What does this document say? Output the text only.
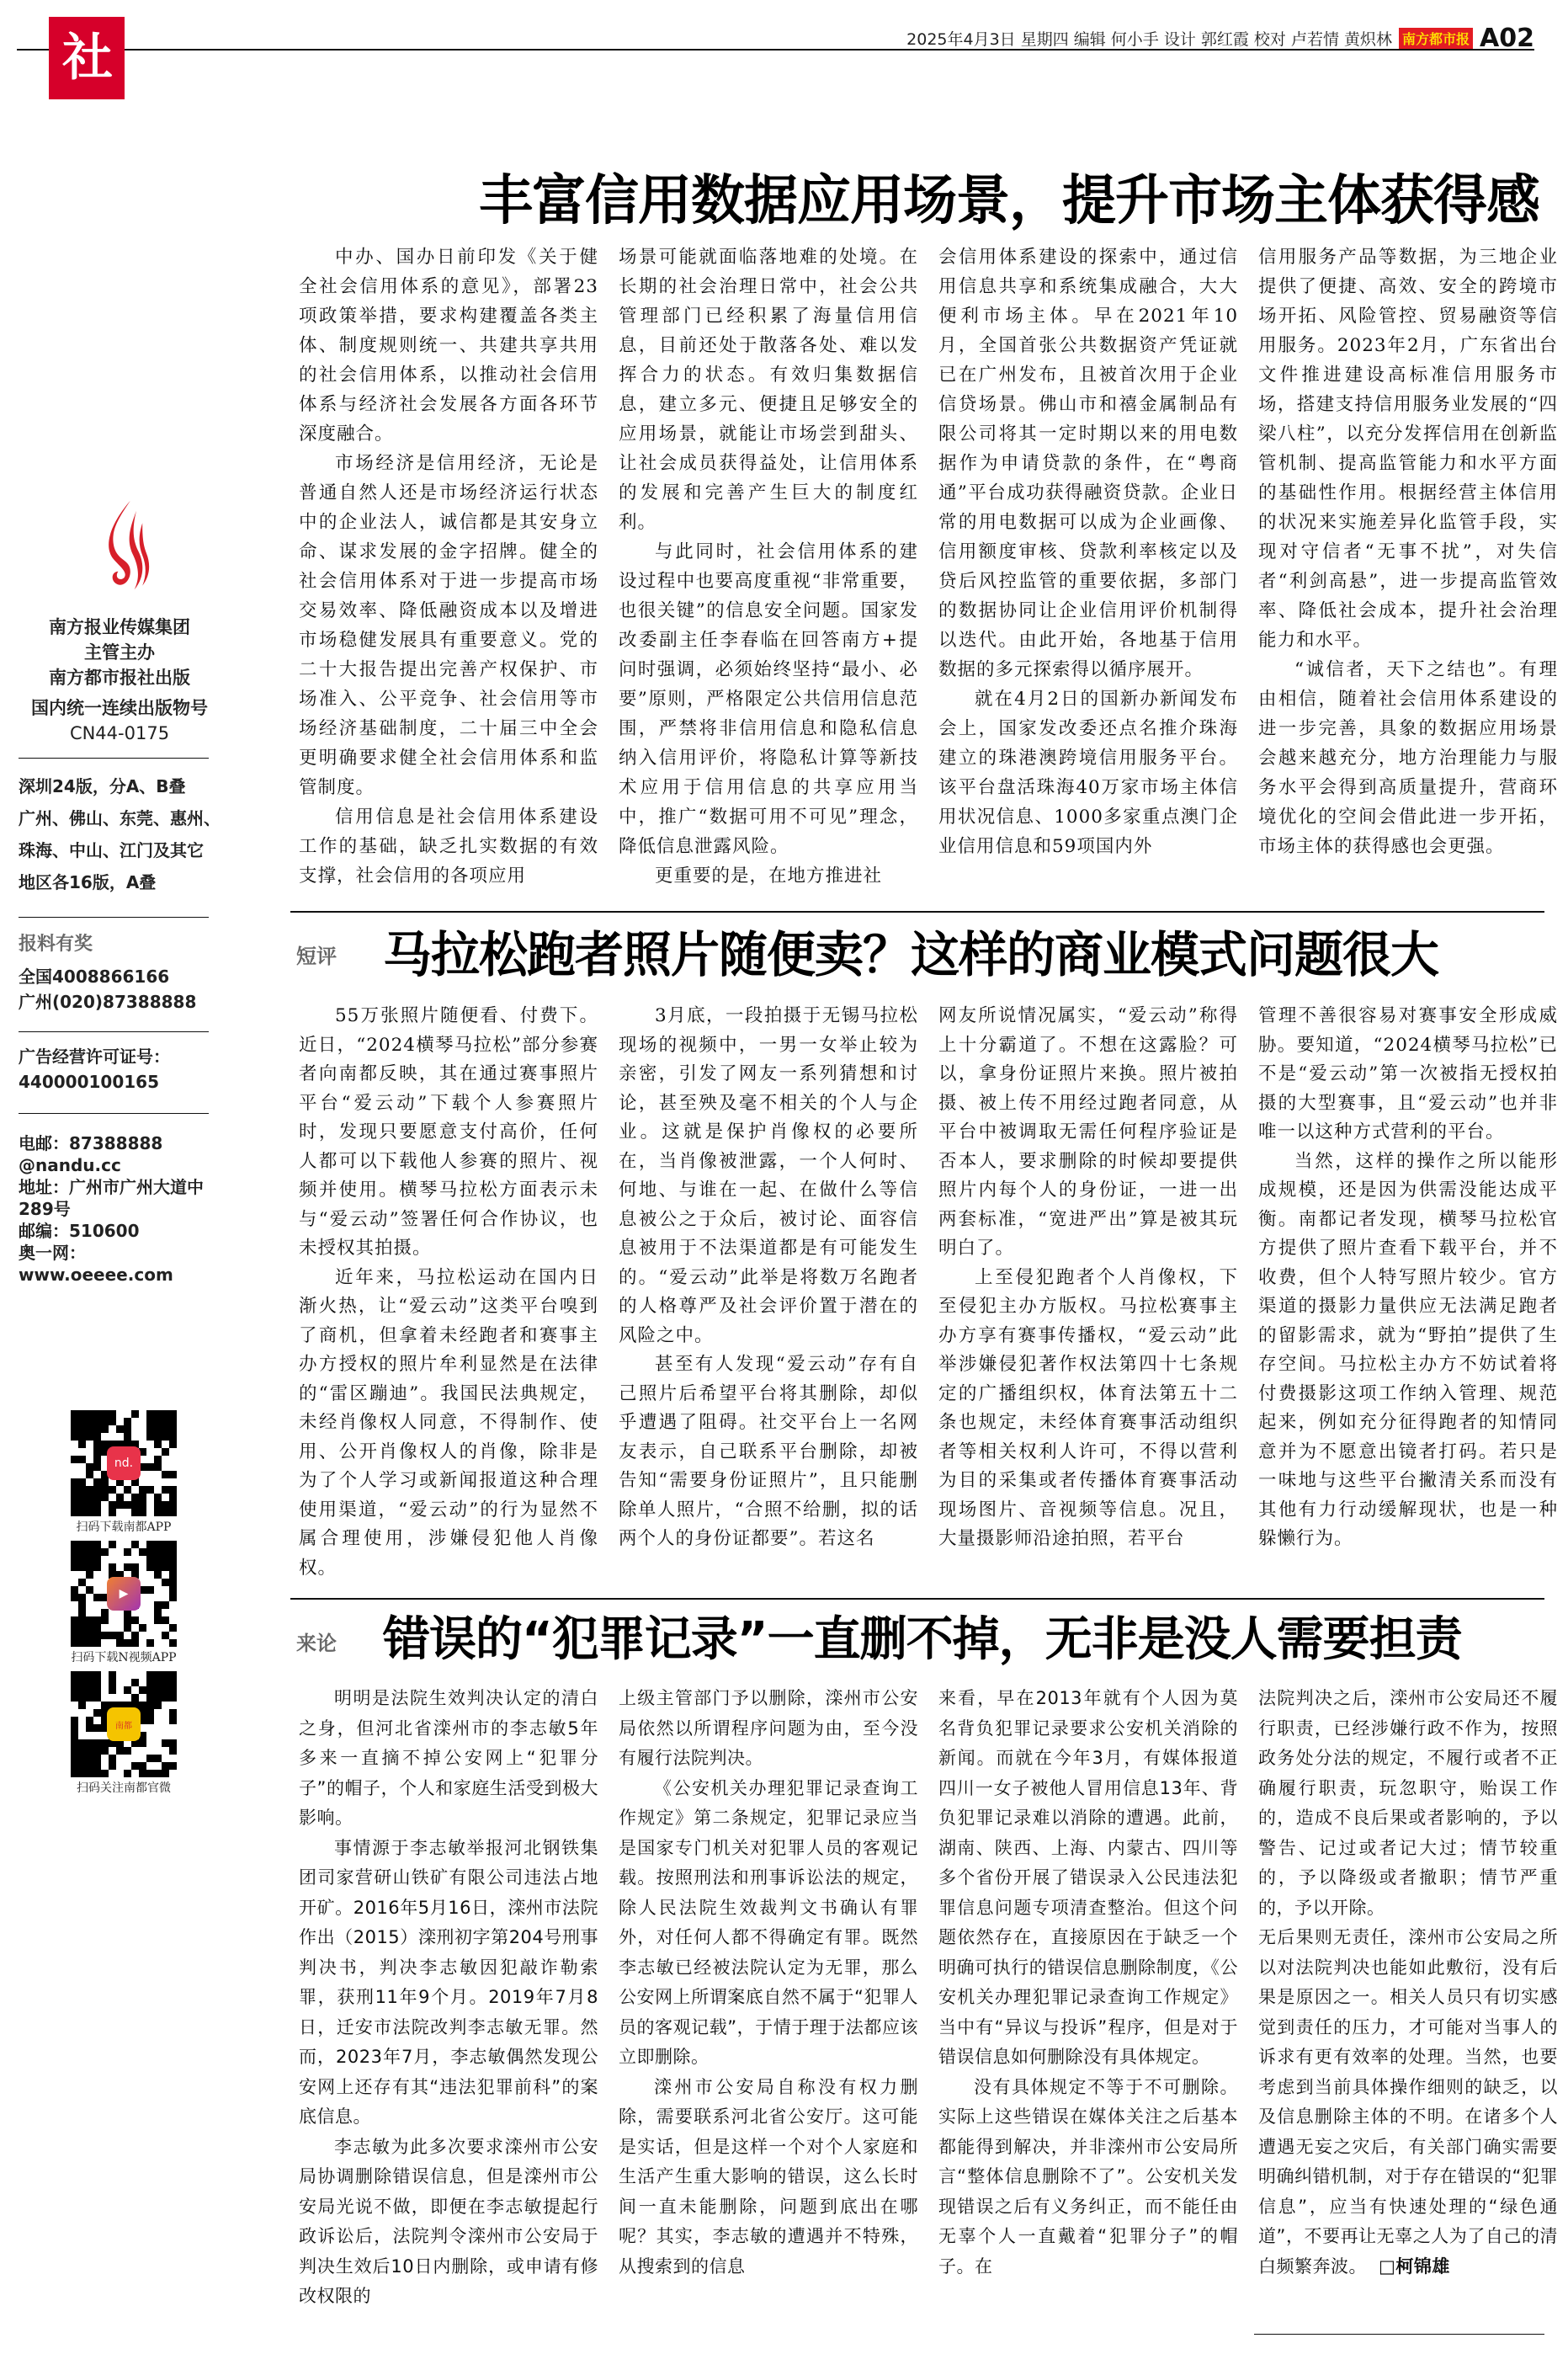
社论
2025年4月3日 星期四 编辑 何小手 设计 郭红霞 校对 卢若情 黄炽林 南方都市报 A02

南方报业传媒集团

主管主办

南方都市报社出版

国内统一连续出版物号

CN44-0175

深圳24版，分A、B叠
广州、佛山、东莞、惠州、
珠海、中山、江门及其它
地区各16版，A叠
报料有奖
全国4008866166
广州(020)87388888
广告经营许可证号：
440000100165
电邮：87388888
@nandu.cc
地址：广州市广州大道中
289号
邮编：510600
奥一网：
www.oeeee.com
nd.
扫码下载南都APP
▶
扫码下载N视频APP
南都
扫码关注南都官微
丰富信用数据应用场景，提升市场主体获得感

中办、国办日前印发《关于健全社会信用体系的意见》，部署23项政策举措，要求构建覆盖各类主体、制度规则统一、共建共享共用的社会信用体系，以推动社会信用体系与经济社会发展各方面各环节深度融合。

市场经济是信用经济，无论是普通自然人还是市场经济运行状态中的企业法人，诚信都是其安身立命、谋求发展的金字招牌。健全的社会信用体系对于进一步提高市场交易效率、降低融资成本以及增进市场稳健发展具有重要意义。党的二十大报告提出完善产权保护、市场准入、公平竞争、社会信用等市场经济基础制度，二十届三中全会更明确要求健全社会信用体系和监管制度。

信用信息是社会信用体系建设工作的基础，缺乏扎实数据的有效支撑，社会信用的各项应用

场景可能就面临落地难的处境。在长期的社会治理日常中，社会公共管理部门已经积累了海量信用信息，目前还处于散落各处、难以发挥合力的状态。有效归集数据信息，建立多元、便捷且足够安全的应用场景，就能让市场尝到甜头、让社会成员获得益处，让信用体系的发展和完善产生巨大的制度红利。

与此同时，社会信用体系的建设过程中也要高度重视“非常重要，也很关键”的信息安全问题。国家发改委副主任李春临在回答南方+提问时强调，必须始终坚持“最小、必要”原则，严格限定公共信用信息范围，严禁将非信用信息和隐私信息纳入信用评价，将隐私计算等新技术应用于信用信息的共享应用当中，推广“数据可用不可见”理念，降低信息泄露风险。

更重要的是，在地方推进社

会信用体系建设的探索中，通过信用信息共享和系统集成融合，大大便利市场主体。早在2021年10月，全国首张公共数据资产凭证就已在广州发布，且被首次用于企业信贷场景。佛山市和禧金属制品有限公司将其一定时期以来的用电数据作为申请贷款的条件，在“粤商通”平台成功获得融资贷款。企业日常的用电数据可以成为企业画像、信用额度审核、贷款利率核定以及贷后风控监管的重要依据，多部门的数据协同让企业信用评价机制得以迭代。由此开始，各地基于信用数据的多元探索得以循序展开。

就在4月2日的国新办新闻发布会上，国家发改委还点名推介珠海建立的珠港澳跨境信用服务平台。该平台盘活珠海40万家市场主体信用状况信息、1000多家重点澳门企业信用信息和59项国内外

信用服务产品等数据，为三地企业提供了便捷、高效、安全的跨境市场开拓、风险管控、贸易融资等信用服务。2023年2月，广东省出台文件推进建设高标准信用服务市场，搭建支持信用服务业发展的“四梁八柱”，以充分发挥信用在创新监管机制、提高监管能力和水平方面的基础性作用。根据经营主体信用的状况来实施差异化监管手段，实现对守信者“无事不扰”，对失信者“利剑高悬”，进一步提高监管效率、降低社会成本，提升社会治理能力和水平。

“诚信者，天下之结也”。有理由相信，随着社会信用体系建设的进一步完善，具象的数据应用场景会越来越充分，地方治理能力与服务水平会得到高质量提升，营商环境优化的空间会借此进一步开拓，市场主体的获得感也会更强。

短评 马拉松跑者照片随便卖？这样的商业模式问题很大

55万张照片随便看、付费下。近日，“2024横琴马拉松”部分参赛者向南都反映，其在通过赛事照片平台“爱云动”下载个人参赛照片时，发现只要愿意支付高价，任何人都可以下载他人参赛的照片、视频并使用。横琴马拉松方面表示未与“爱云动”签署任何合作协议，也未授权其拍摄。

近年来，马拉松运动在国内日渐火热，让“爱云动”这类平台嗅到了商机，但拿着未经跑者和赛事主办方授权的照片牟利显然是在法律的“雷区蹦迪”。我国民法典规定，未经肖像权人同意，不得制作、使用、公开肖像权人的肖像，除非是为了个人学习或新闻报道这种合理使用渠道，“爱云动”的行为显然不属合理使用，涉嫌侵犯他人肖像权。

3月底，一段拍摄于无锡马拉松现场的视频中，一男一女举止较为亲密，引发了网友一系列猜想和讨论，甚至殃及毫不相关的个人与企业。这就是保护肖像权的必要所在，当肖像被泄露，一个人何时、何地、与谁在一起、在做什么等信息被公之于众后，被讨论、面容信息被用于不法渠道都是有可能发生的。“爱云动”此举是将数万名跑者的人格尊严及社会评价置于潜在的风险之中。

甚至有人发现“爱云动”存有自己照片后希望平台将其删除，却似乎遭遇了阻碍。社交平台上一名网友表示，自己联系平台删除，却被告知“需要身份证照片”，且只能删除单人照片，“合照不给删，拟的话两个人的身份证都要”。若这名

网友所说情况属实，“爱云动”称得上十分霸道了。不想在这露脸？可以，拿身份证照片来换。照片被拍摄、被上传不用经过跑者同意，从平台中被调取无需任何程序验证是否本人，要求删除的时候却要提供照片内每个人的身份证，一进一出两套标准，“宽进严出”算是被其玩明白了。

上至侵犯跑者个人肖像权，下至侵犯主办方版权。马拉松赛事主办方享有赛事传播权，“爱云动”此举涉嫌侵犯著作权法第四十七条规定的广播组织权，体育法第五十二条也规定，未经体育赛事活动组织者等相关权利人许可，不得以营利为目的采集或者传播体育赛事活动现场图片、音视频等信息。况且，大量摄影师沿途拍照，若平台

管理不善很容易对赛事安全形成威胁。要知道，“2024横琴马拉松”已不是“爱云动”第一次被指无授权拍摄的大型赛事，且“爱云动”也并非唯一以这种方式营利的平台。

当然，这样的操作之所以能形成规模，还是因为供需没能达成平衡。南都记者发现，横琴马拉松官方提供了照片查看下载平台，并不收费，但个人特写照片较少。官方渠道的摄影力量供应无法满足跑者的留影需求，就为“野拍”提供了生存空间。马拉松主办方不妨试着将付费摄影这项工作纳入管理、规范起来，例如充分征得跑者的知情同意并为不愿意出镜者打码。若只是一味地与这些平台撇清关系而没有其他有力行动缓解现状，也是一种躲懒行为。

来论 错误的“犯罪记录”一直删不掉，无非是没人需要担责

明明是法院生效判决认定的清白之身，但河北省滦州市的李志敏5年多来一直摘不掉公安网上“犯罪分子”的帽子，个人和家庭生活受到极大影响。

事情源于李志敏举报河北钢铁集团司家营研山铁矿有限公司违法占地开矿。2016年5月16日，滦州市法院作出（2015）滦刑初字第204号刑事判决书，判决李志敏因犯敲诈勒索罪，获刑11年9个月。2019年7月8日，迁安市法院改判李志敏无罪。然而，2023年7月，李志敏偶然发现公安网上还存有其“违法犯罪前科”的案底信息。

李志敏为此多次要求滦州市公安局协调删除错误信息，但是滦州市公安局光说不做，即便在李志敏提起行政诉讼后，法院判令滦州市公安局于判决生效后10日内删除，或申请有修改权限的

上级主管部门予以删除，滦州市公安局依然以所谓程序问题为由，至今没有履行法院判决。

《公安机关办理犯罪记录查询工作规定》第二条规定，犯罪记录应当是国家专门机关对犯罪人员的客观记载。按照刑法和刑事诉讼法的规定，除人民法院生效裁判文书确认有罪外，对任何人都不得确定有罪。既然李志敏已经被法院认定为无罪，那么公安网上所谓案底自然不属于“犯罪人员的客观记载”，于情于理于法都应该立即删除。

滦州市公安局自称没有权力删除，需要联系河北省公安厅。这可能是实话，但是这样一个对个人家庭和生活产生重大影响的错误，这么长时间一直未能删除，问题到底出在哪呢？其实，李志敏的遭遇并不特殊，从搜索到的信息

来看，早在2013年就有个人因为莫名背负犯罪记录要求公安机关消除的新闻。而就在今年3月，有媒体报道四川一女子被他人冒用信息13年、背负犯罪记录难以消除的遭遇。此前，湖南、陕西、上海、内蒙古、四川等多个省份开展了错误录入公民违法犯罪信息问题专项清查整治。但这个问题依然存在，直接原因在于缺乏一个明确可执行的错误信息删除制度，《公安机关办理犯罪记录查询工作规定》当中有“异议与投诉”程序，但是对于错误信息如何删除没有具体规定。

没有具体规定不等于不可删除。实际上这些错误在媒体关注之后基本都能得到解决，并非滦州市公安局所言“整体信息删除不了”。公安机关发现错误之后有义务纠正，而不能任由无辜个人一直戴着“犯罪分子”的帽子。在

法院判决之后，滦州市公安局还不履行职责，已经涉嫌行政不作为，按照政务处分法的规定，不履行或者不正确履行职责，玩忽职守，贻误工作的，造成不良后果或者影响的，予以警告、记过或者记大过；情节较重的，予以降级或者撤职；情节严重的，予以开除。

无后果则无责任，滦州市公安局之所以对法院判决也能如此敷衍，没有后果是原因之一。相关人员只有切实感觉到责任的压力，才可能对当事人的诉求有更有效率的处理。当然，也要考虑到当前具体操作细则的缺乏，以及信息删除主体的不明。在诸多个人遭遇无妄之灾后，有关部门确实需要明确纠错机制，对于存在错误的“犯罪信息”，应当有快速处理的“绿色通道”，不要再让无辜之人为了自己的清白频繁奔波。 □柯锦雄
